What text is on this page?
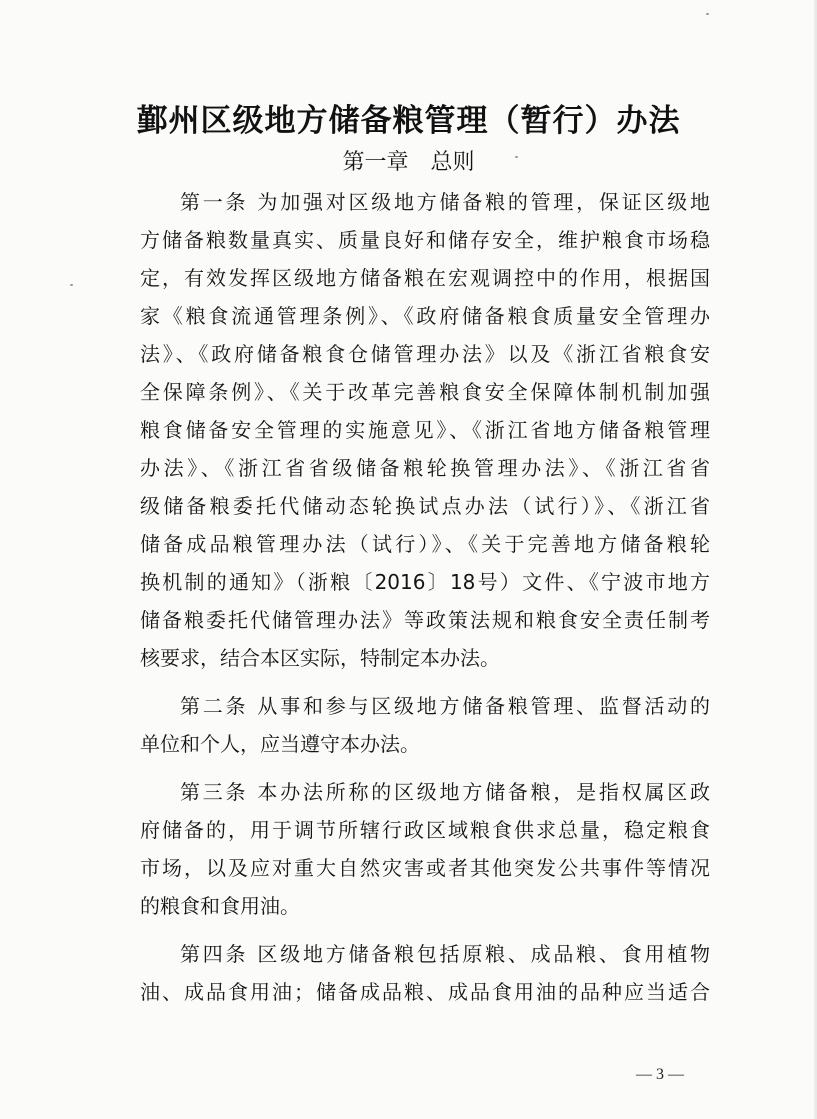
鄞州区级地方储备粮管理（暂行）办法
第一章　总则
第一条 为加强对区级地方储备粮的管理，保证区级地
方储备粮数量真实、质量良好和储存安全，维护粮食市场稳
定，有效发挥区级地方储备粮在宏观调控中的作用，根据国
家《粮食流通管理条例》、《政府储备粮食质量安全管理办
法》、《政府储备粮食仓储管理办法》以及《浙江省粮食安
全保障条例》、《关于改革完善粮食安全保障体制机制加强
粮食储备安全管理的实施意见》、《浙江省地方储备粮管理
办法》、《浙江省省级储备粮轮换管理办法》、《浙江省省
级储备粮委托代储动态轮换试点办法（试行）》、《浙江省
储备成品粮管理办法（试行）》、《关于完善地方储备粮轮
换机制的通知》（浙粮〔2016〕18号）文件、《宁波市地方
储备粮委托代储管理办法》等政策法规和粮食安全责任制考
核要求，结合本区实际，特制定本办法。
第二条 从事和参与区级地方储备粮管理、监督活动的
单位和个人，应当遵守本办法。
第三条 本办法所称的区级地方储备粮，是指权属区政
府储备的，用于调节所辖行政区域粮食供求总量，稳定粮食
市场，以及应对重大自然灾害或者其他突发公共事件等情况
的粮食和食用油。
第四条 区级地方储备粮包括原粮、成品粮、食用植物
油、成品食用油；储备成品粮、成品食用油的品种应当适合
— 3 —
